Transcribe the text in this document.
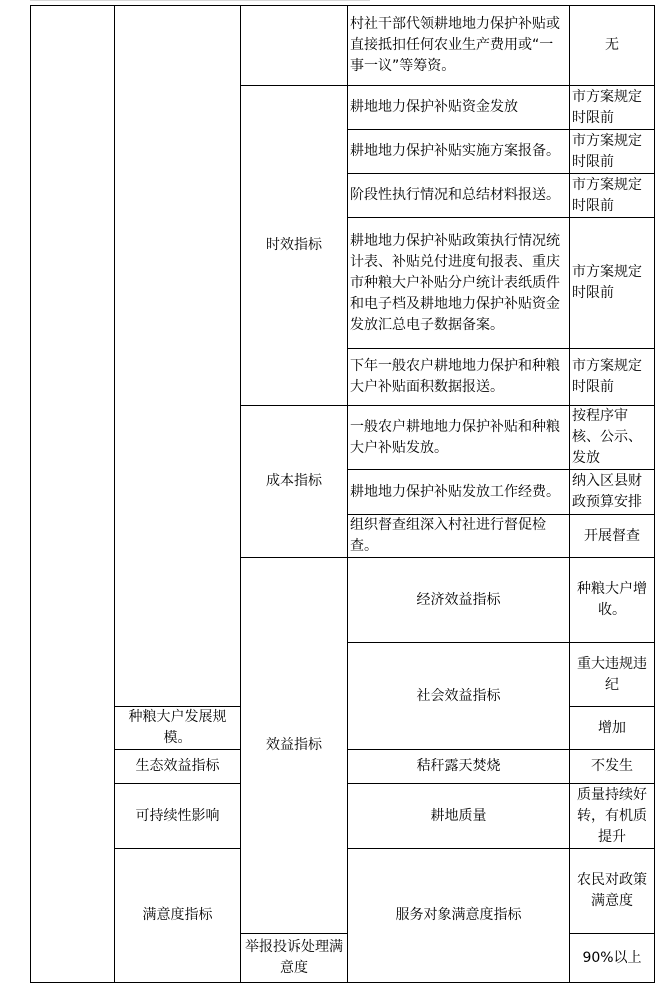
			村社干部代领耕地地力保护补贴或直接抵扣任何农业生产费用或“一事一议”等筹资。	无	
		时效指标	耕地地力保护补贴资金发放	市方案规定时限前	
			耕地地力保护补贴实施方案报备。	市方案规定时限前	
			阶段性执行情况和总结材料报送。	市方案规定时限前	
			耕地地力保护补贴政策执行情况统计表、补贴兑付进度旬报表、重庆市种粮大户补贴分户统计表纸质件和电子档及耕地地力保护补贴资金发放汇总电子数据备案。	市方案规定时限前	
			下年一般农户耕地地力保护和种粮大户补贴面积数据报送。	市方案规定时限前	
		成本指标	一般农户耕地地力保护补贴和种粮大户补贴发放。	按程序审核、公示、发放	
			耕地地力保护补贴发放工作经费。	纳入区县财政预算安排	
			组织督查组深入村社进行督促检查。	开展督查	
		效益指标	经济效益指标	种粮大户增收。	
			社会效益指标	重大违规违纪	
	种粮大户发展规模。			增加	
	生态效益指标		秸秆露天焚烧	不发生	
	可持续性影响		耕地质量	质量持续好转，有机质提升	
	满意度指标		服务对象满意度指标	农民对政策满意度	
		举报投诉处理满意度		90%以上	
